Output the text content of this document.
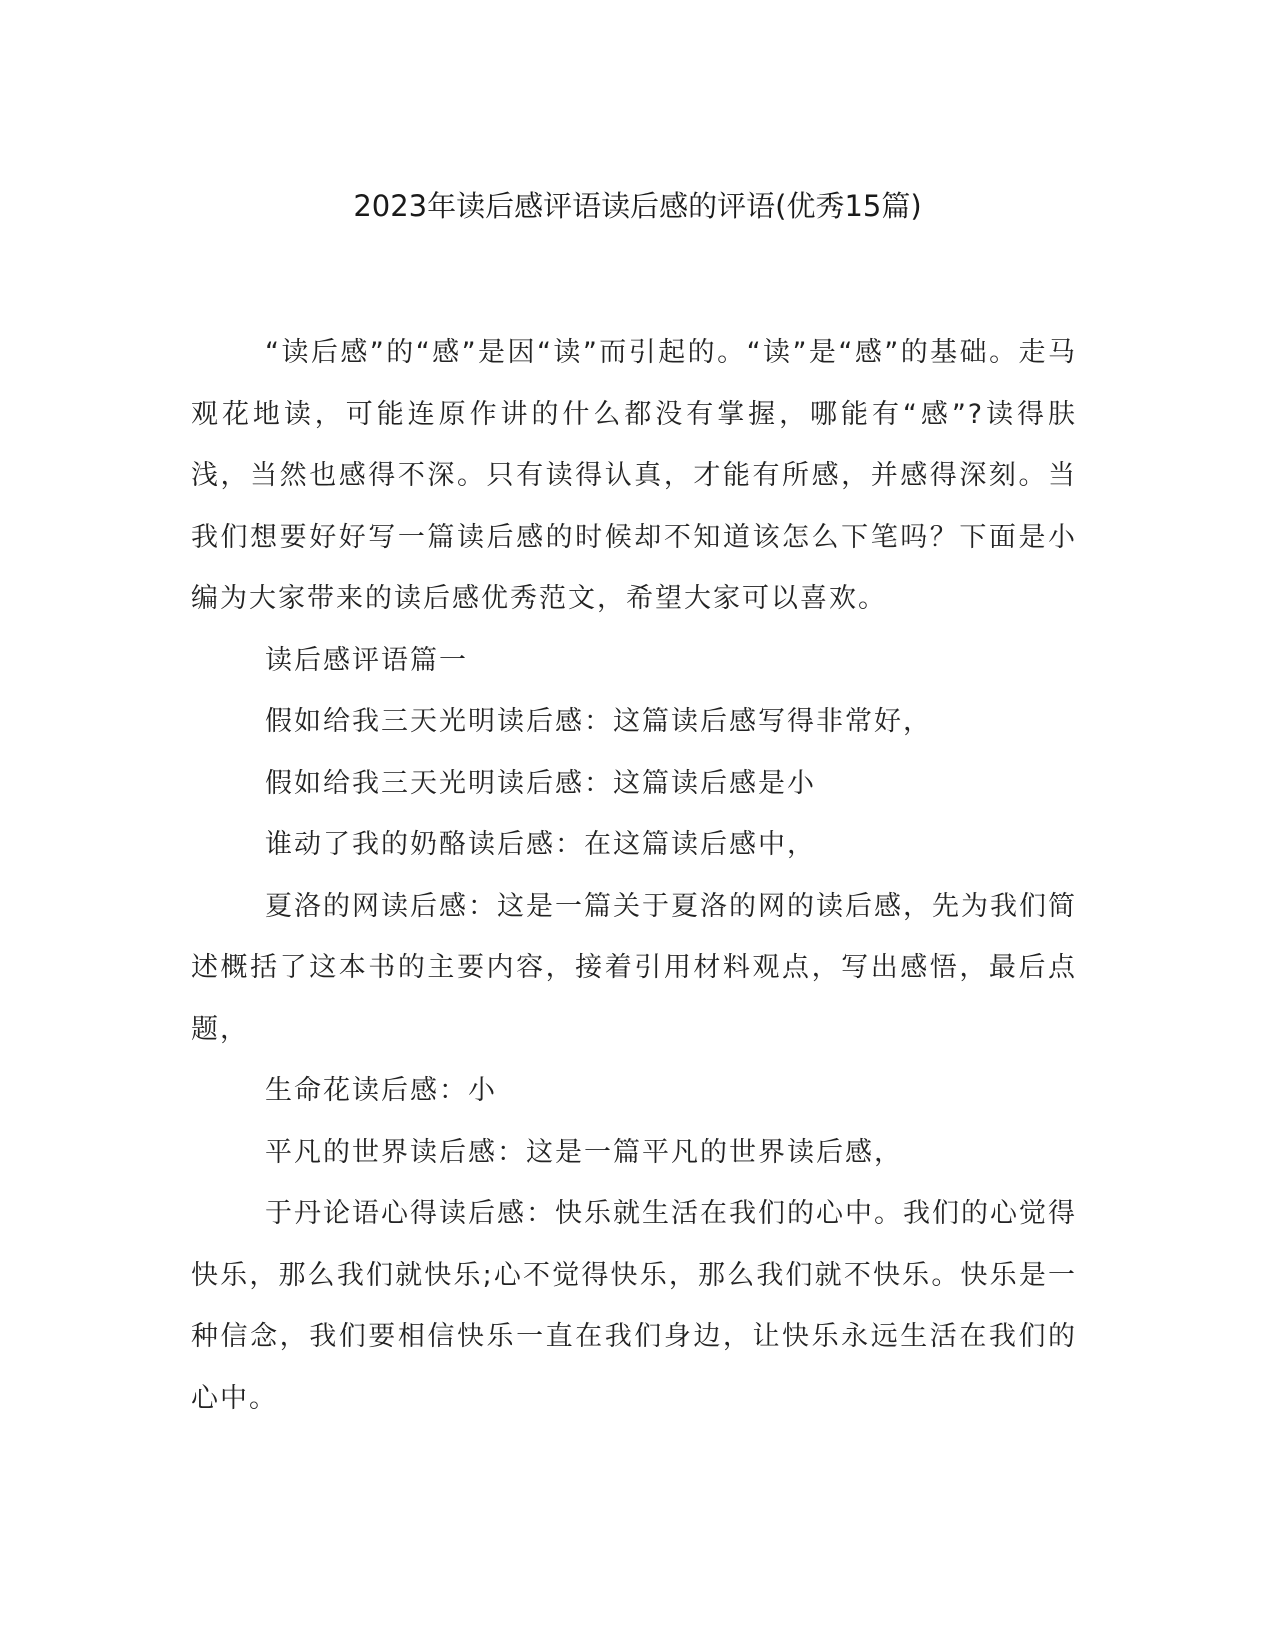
2023年读后感评语读后感的评语(优秀15篇)

“读后感”的“感”是因“读”而引起的。“读”是“感”的基础。走马观花地读，可能连原作讲的什么都没有掌握，哪能有“感”?读得肤浅，当然也感得不深。只有读得认真，才能有所感，并感得深刻。当我们想要好好写一篇读后感的时候却不知道该怎么下笔吗？下面是小编为大家带来的读后感优秀范文，希望大家可以喜欢。

读后感评语篇一

假如给我三天光明读后感：这篇读后感写得非常好，

假如给我三天光明读后感：这篇读后感是小

谁动了我的奶酪读后感：在这篇读后感中，

夏洛的网读后感：这是一篇关于夏洛的网的读后感，先为我们简述概括了这本书的主要内容，接着引用材料观点，写出感悟，最后点题，

生命花读后感：小

平凡的世界读后感：这是一篇平凡的世界读后感，

于丹论语心得读后感：快乐就生活在我们的心中。我们的心觉得快乐，那么我们就快乐;心不觉得快乐，那么我们就不快乐。快乐是一种信念，我们要相信快乐一直在我们身边，让快乐永远生活在我们的心中。
